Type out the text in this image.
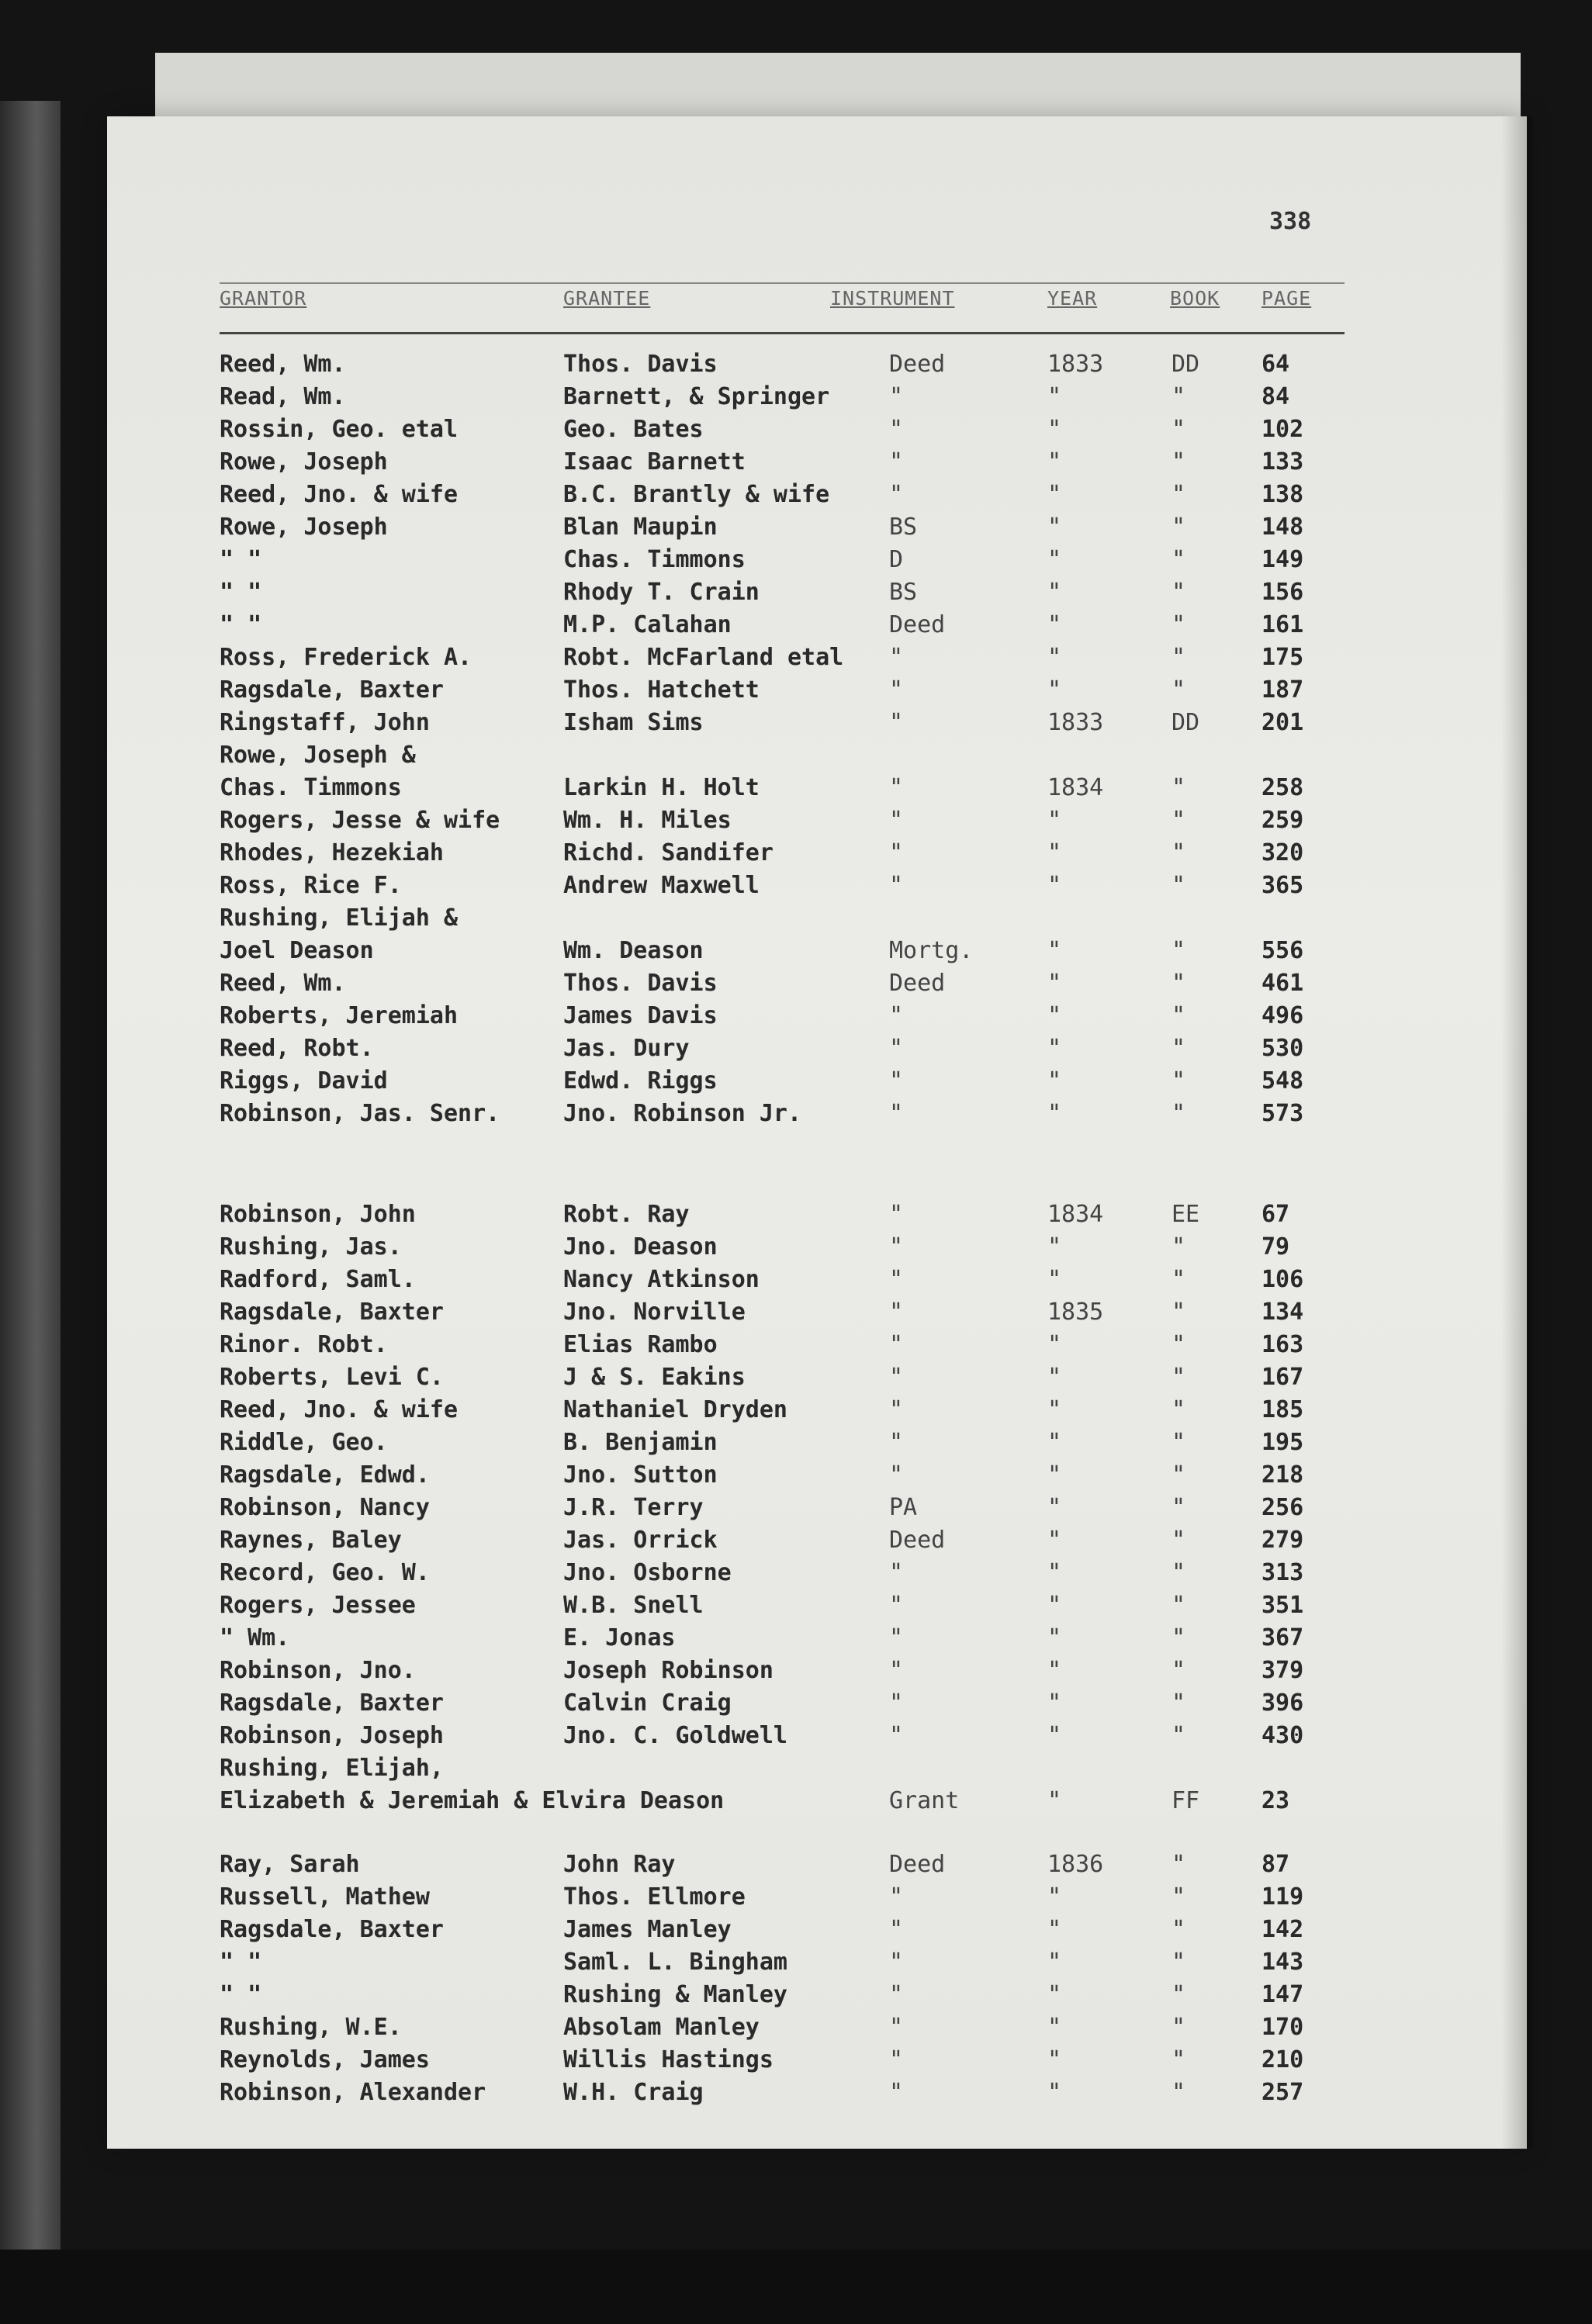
338
GRANTOR	GRANTEE	INSTRUMENT	YEAR	BOOK PAGE
Reed, Wm.	Thos. Davis	Deed	1833	DD	64
Read, Wm.	Barnett, & Springer	"	"	"	84
Rossin, Geo. etal	Geo. Bates	"	"	"	102
Rowe, Joseph	Isaac Barnett	"	"	"	133
Reed, Jno. & wife	B.C. Brantly & wife	"	"	"	138
Rowe, Joseph	Blan Maupin	BS	"	"	148
" "	Chas. Timmons	D	"	"	149
" "	Rhody T. Crain	BS	"	"	156
" "	M.P. Calahan	Deed	"	"	161
Ross, Frederick A.	Robt. McFarland etal "	"	"	175
Ragsdale, Baxter	Thos. Hatchett	"	"	"	187
Ringstaff, John	Isham Sims	"	1833	DD	201
Rowe, Joseph &
Chas. Timmons	Larkin H. Holt	"	1834	"	258
Rogers, Jesse & wife	Wm. H. Miles	"	"	"	259
Rhodes, Hezekiah	Richd. Sandifer	"	"	"	320
Ross, Rice F.	Andrew Maxwell	"	"	"	365
Rushing, Elijah &
Joel Deason	Wm. Deason	Mortg.	"	"	556
Reed, Wm.	Thos. Davis	Deed	"	"	461
Roberts, Jeremiah	James Davis	"	"	"	496
Reed, Robt.	Jas. Dury	"	"	"	530
Riggs, David	Edwd. Riggs	"	"	"	548
Robinson, Jas. Senr.	Jno. Robinson Jr.	"	"	"	573
Robinson, John	Robt. Ray	"	1834	EE	67
Rushing, Jas.	Jno. Deason	"	"	"	79
Radford, Saml.	Nancy Atkinson	"	"	"	106
Ragsdale, Baxter	Jno. Norville	"	1835	"	134
Rinor. Robt.	Elias Rambo	"	"	"	163
Roberts, Levi C.	J & S. Eakins	"	"	"	167
Reed, Jno. & wife	Nathaniel Dryden	"	"	"	185
Riddle, Geo.	B. Benjamin	"	"	"	195
Ragsdale, Edwd.	Jno. Sutton	"	"	"	218
Robinson, Nancy	J.R. Terry	PA	"	"	256
Raynes, Baley	Jas. Orrick	Deed	"	"	279
Record, Geo. W.	Jno. Osborne	"	"	"	313
Rogers, Jessee	W.B. Snell	"	"	"	351
" Wm.	E. Jonas	"	"	"	367
Robinson, Jno.	Joseph Robinson	"	"	"	379
Ragsdale, Baxter	Calvin Craig	"	"	"	396
Robinson, Joseph	Jno. C. Goldwell	"	"	"	430
Rushing, Elijah,
Elizabeth & Jeremiah & Elvira Deason	Grant	"	FF	23
Ray, Sarah	John Ray	Deed	1836	"	87
Russell, Mathew	Thos. Ellmore	"	"	"	119
Ragsdale, Baxter	James Manley	"	"	"	142
" "	Saml. L. Bingham	"	"	"	143
" "	Rushing & Manley	"	"	"	147
Rushing, W.E.	Absolam Manley	"	"	"	170
Reynolds, James	Willis Hastings	"	"	"	210
Robinson, Alexander	W.H. Craig	"	"	"	257
